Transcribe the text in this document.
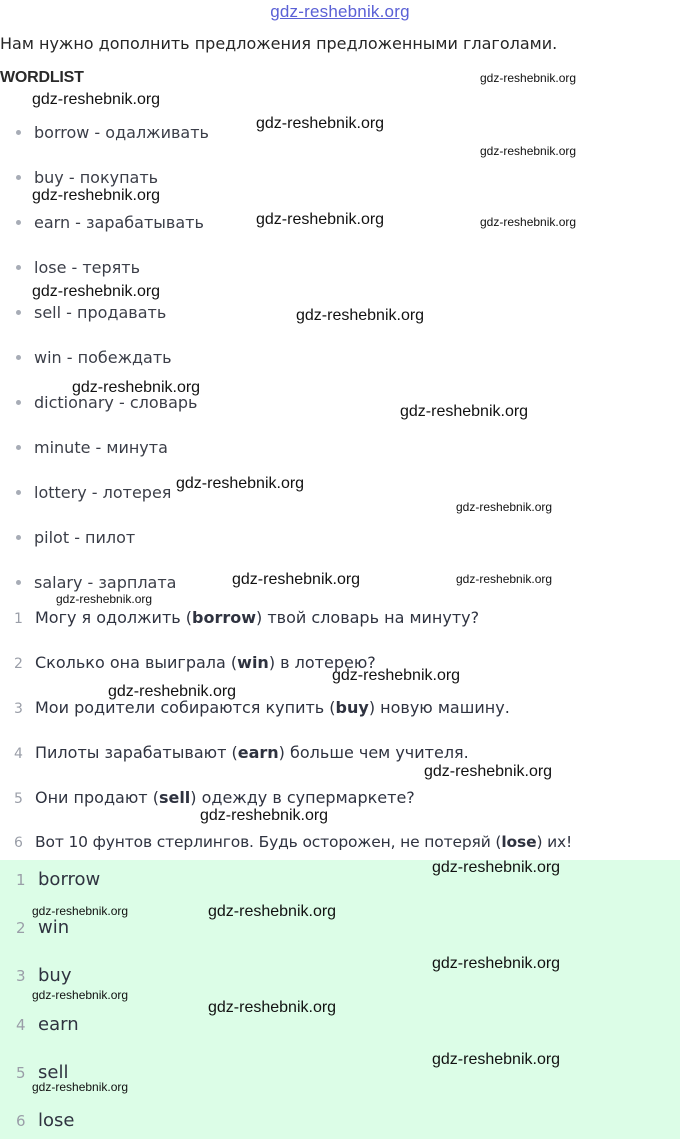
gdz-reshebnik.org
Нам нужно дополнить предложения предложенными глаголами.
WORDLIST
borrow - одалживать
buy - покупать
earn - зарабатывать
lose - терять
sell - продавать
win - побеждать
dictionary - словарь
minute - минута
lottery - лотерея
pilot - пилот
salary - зарплата
1 Могу я одолжить (borrow) твой словарь на минуту?
2 Сколько она выиграла (win) в лотерею?
3 Мои родители собираются купить (buy) новую машину.
4 Пилоты зарабатывают (earn) больше чем учителя.
5 Они продают (sell) одежду в супермаркете?
6 Вот 10 фунтов стерлингов. Будь осторожен, не потеряй (lose) их!
1 borrow
2 win
3 buy
4 earn
5 sell
6 lose
gdz-reshebnik.org
gdz-reshebnik.org
gdz-reshebnik.org
gdz-reshebnik.org
gdz-reshebnik.org
gdz-reshebnik.org	gdz-reshebnik.org
gdz-reshebnik.org
gdz-reshebnik.org
gdz-reshebnik.org
gdz-reshebnik.org
gdz-reshebnik.org
gdz-reshebnik.org
gdz-reshebnik.org	gdz-reshebnik.org
gdz-reshebnik.org
gdz-reshebnik.org
gdz-reshebnik.org
gdz-reshebnik.org
gdz-reshebnik.org
gdz-reshebnik.org
gdz-reshebnik.org	gdz-reshebnik.org
gdz-reshebnik.org
gdz-reshebnik.org
gdz-reshebnik.org
gdz-reshebnik.org
gdz-reshebnik.org
